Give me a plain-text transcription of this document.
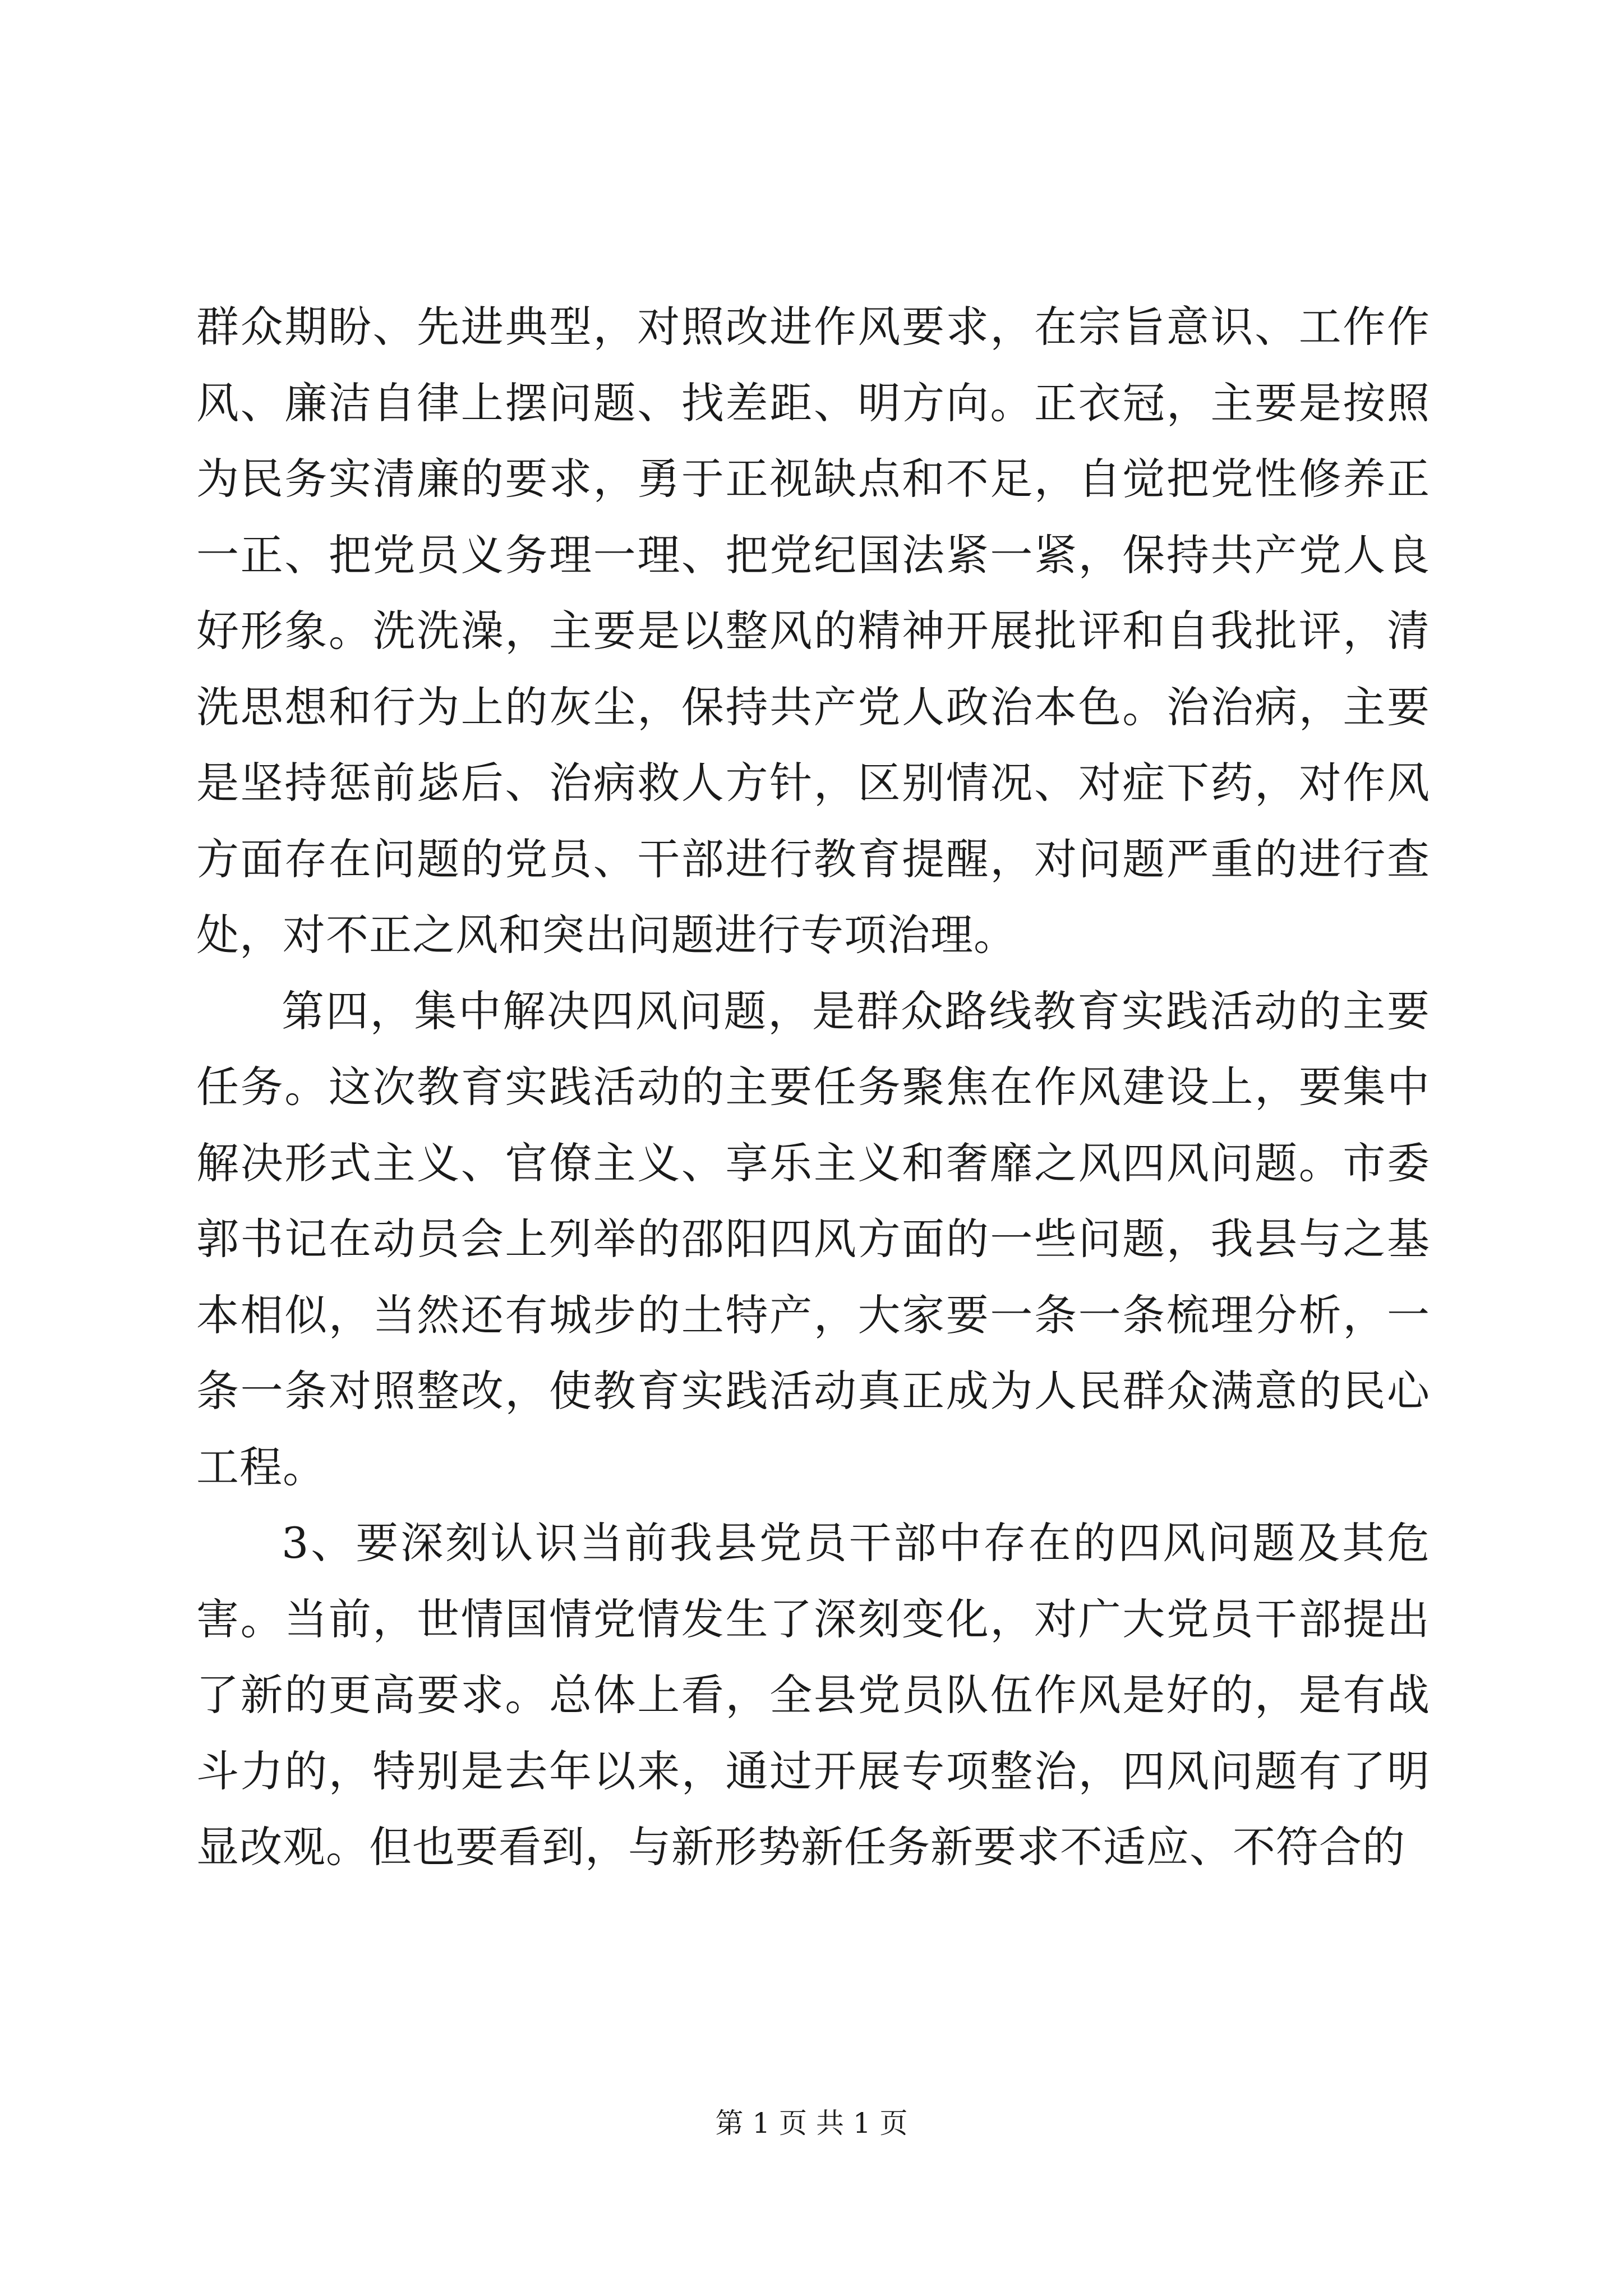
群众期盼、先进典型，对照改进作风要求，在宗旨意识、工作作风、廉洁自律上摆问题、找差距、明方向。正衣冠，主要是按照为民务实清廉的要求，勇于正视缺点和不足，自觉把党性修养正一正、把党员义务理一理、把党纪国法紧一紧，保持共产党人良好形象。洗洗澡，主要是以整风的精神开展批评和自我批评，清洗思想和行为上的灰尘，保持共产党人政治本色。治治病，主要是坚持惩前毖后、治病救人方针，区别情况、对症下药，对作风方面存在问题的党员、干部进行教育提醒，对问题严重的进行查处，对不正之风和突出问题进行专项治理。

第四，集中解决四风问题，是群众路线教育实践活动的主要任务。这次教育实践活动的主要任务聚焦在作风建设上，要集中解决形式主义、官僚主义、享乐主义和奢靡之风四风问题。市委郭书记在动员会上列举的邵阳四风方面的一些问题，我县与之基本相似，当然还有城步的土特产，大家要一条一条梳理分析，一条一条对照整改，使教育实践活动真正成为人民群众满意的民心工程。

3、要深刻认识当前我县党员干部中存在的四风问题及其危害。当前，世情国情党情发生了深刻变化，对广大党员干部提出了新的更高要求。总体上看，全县党员队伍作风是好的，是有战斗力的，特别是去年以来，通过开展专项整治，四风问题有了明显改观。但也要看到，与新形势新任务新要求不适应、不符合的

第 1 页 共 1 页
